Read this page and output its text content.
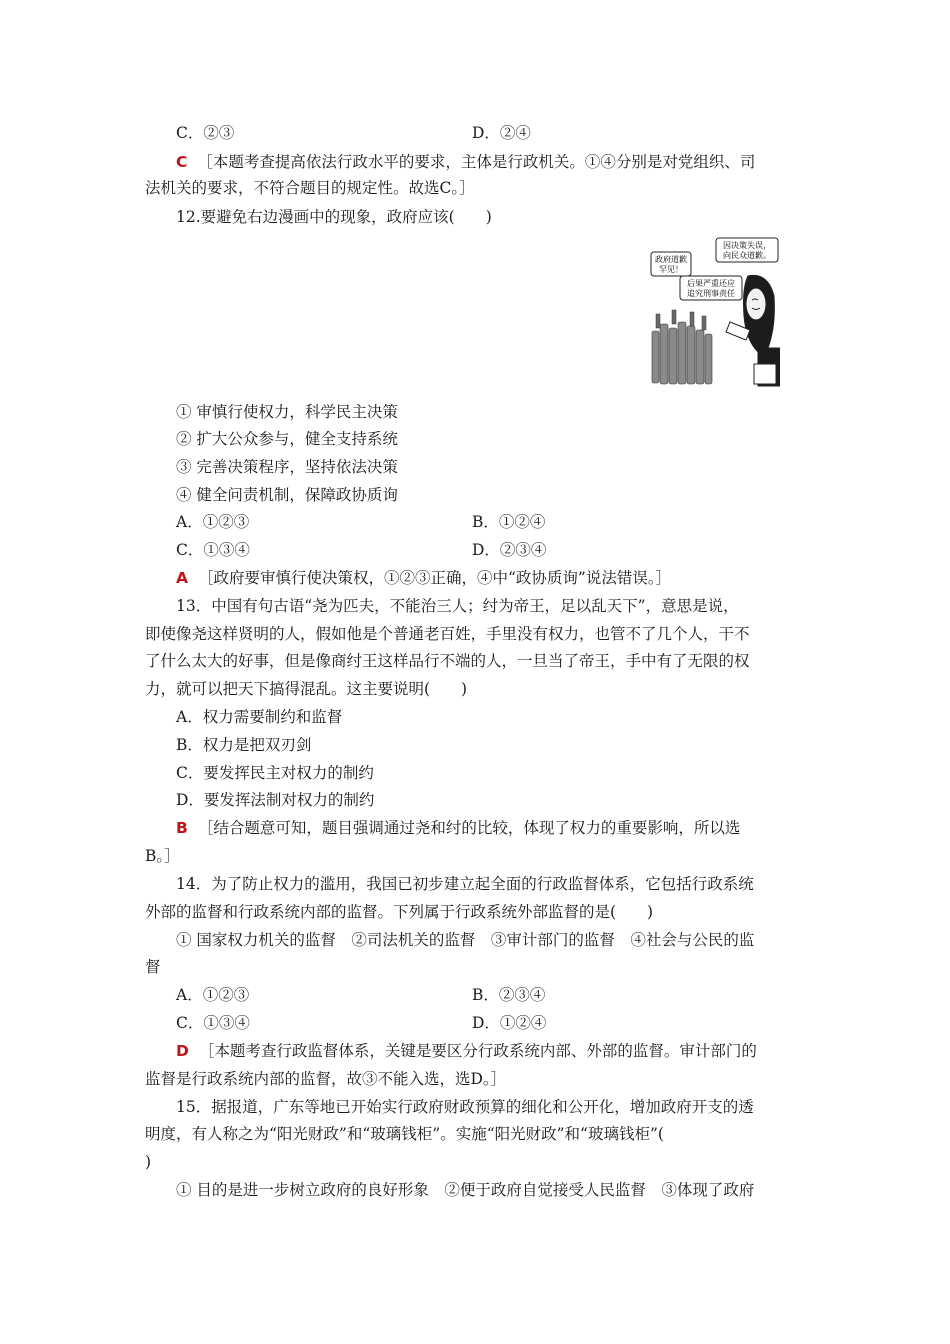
C．②③	D．②④
C ［本题考查提高依法行政水平的要求，主体是行政机关。①④分别是对党组织、司
法机关的要求，不符合题目的规定性。故选C。］
12.要避免右边漫画中的现象，政府应该(　　)
政府道歉
罕见！
因决策失误，
向民众道歉。
后果严重还应
追究刑事责任
① 审慎行使权力，科学民主决策
② 扩大公众参与，健全支持系统
③ 完善决策程序，坚持依法决策
④ 健全问责机制，保障政协质询
A．①②③	B．①②④
C．①③④	D．②③④
A ［政府要审慎行使决策权，①②③正确，④中“政协质询”说法错误。］
13．中国有句古语“尧为匹夫，不能治三人；纣为帝王，足以乱天下”，意思是说，
即使像尧这样贤明的人，假如他是个普通老百姓，手里没有权力，也管不了几个人，干不
了什么太大的好事，但是像商纣王这样品行不端的人，一旦当了帝王，手中有了无限的权
力，就可以把天下搞得混乱。这主要说明(　　)
A．权力需要制约和监督
B．权力是把双刃剑
C．要发挥民主对权力的制约
D．要发挥法制对权力的制约
B ［结合题意可知，题目强调通过尧和纣的比较，体现了权力的重要影响，所以选
B。］
14．为了防止权力的滥用，我国已初步建立起全面的行政监督体系，它包括行政系统
外部的监督和行政系统内部的监督。下列属于行政系统外部监督的是(　　)
① 国家权力机关的监督　②司法机关的监督　③审计部门的监督　④社会与公民的监
督
A．①②③	B．②③④
C．①③④	D．①②④
D ［本题考查行政监督体系，关键是要区分行政系统内部、外部的监督。审计部门的
监督是行政系统内部的监督，故③不能入选，选D。］
15．据报道，广东等地已开始实行政府财政预算的细化和公开化，增加政府开支的透
明度，有人称之为“阳光财政”和“玻璃钱柜”。实施“阳光财政”和“玻璃钱柜”(
)
① 目的是进一步树立政府的良好形象　②便于政府自觉接受人民监督　③体现了政府
